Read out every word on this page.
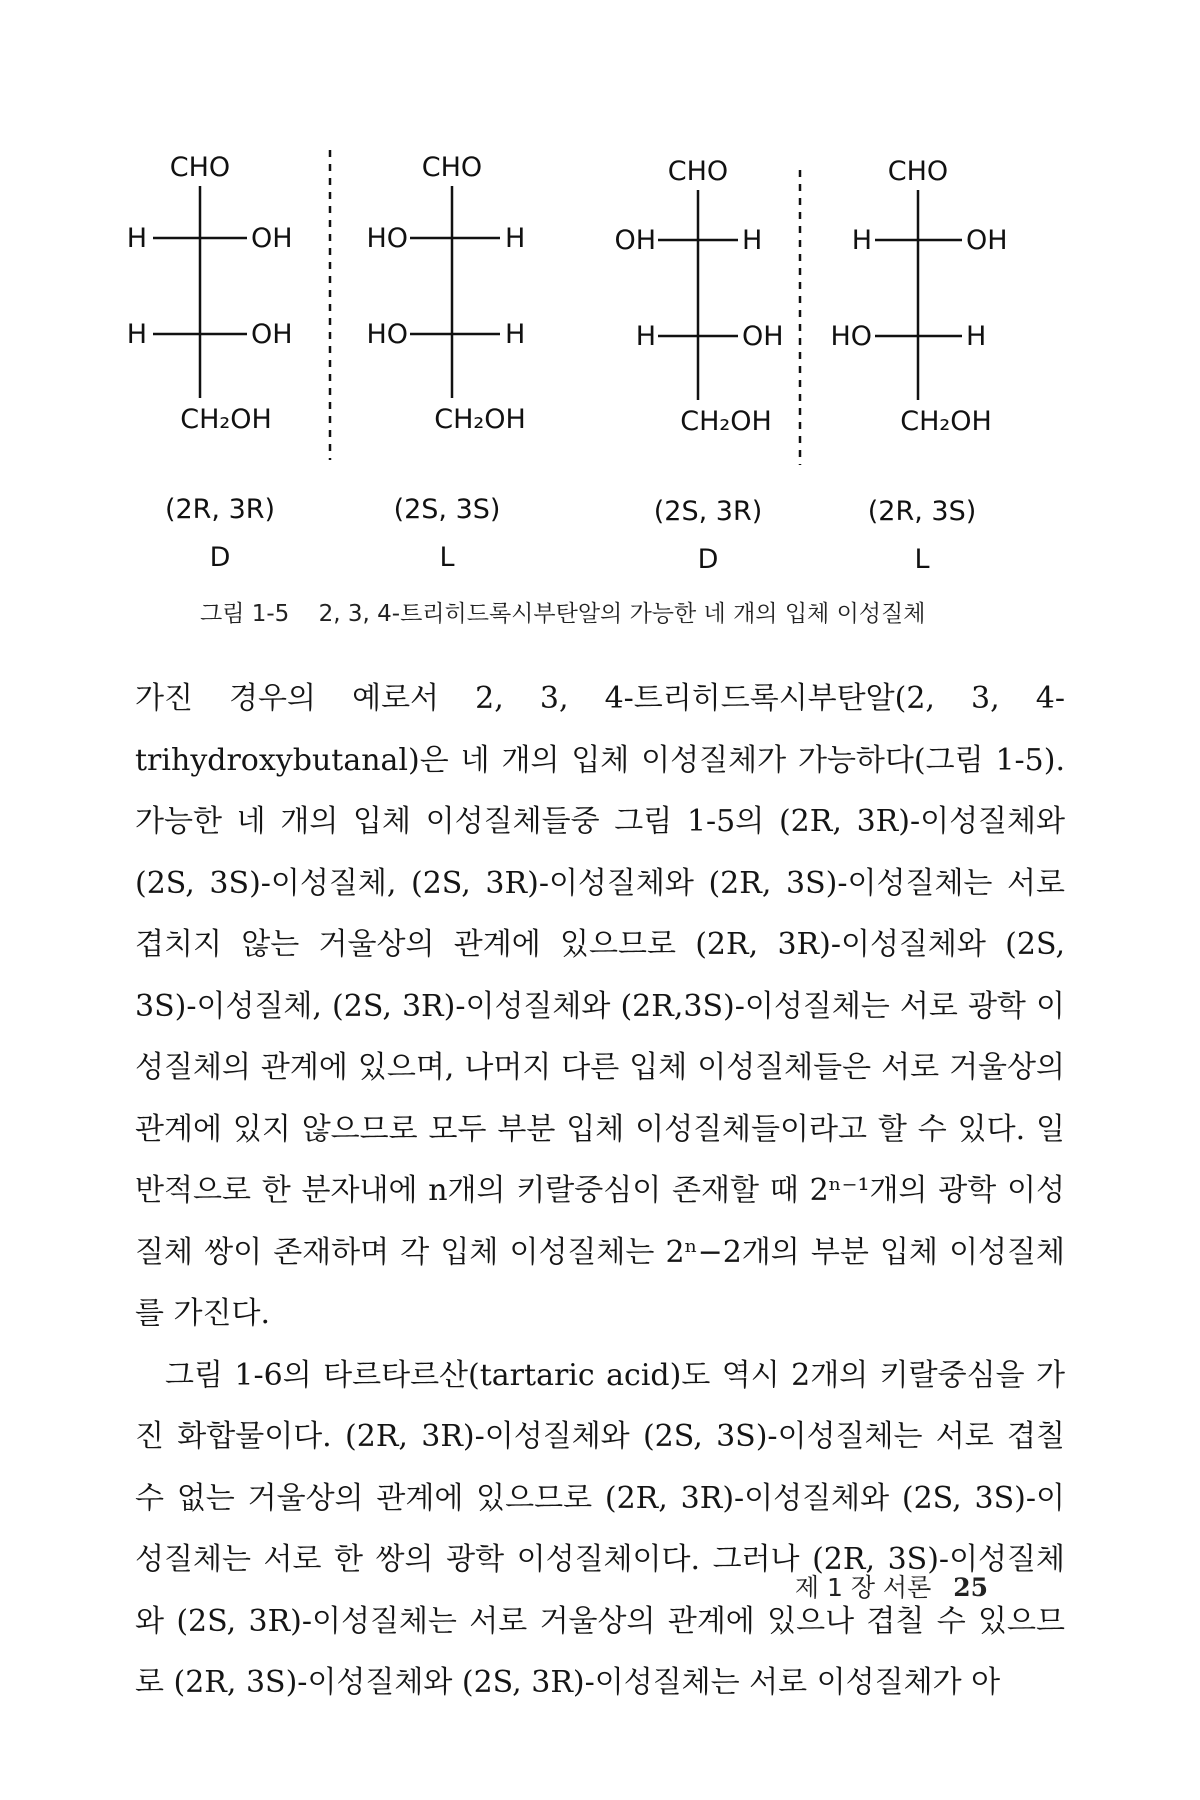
CHO
H	OH
H	OH
CH₂OH
(2R, 3R)
D
CHO
HO	H
HO	H
CH₂OH
(2S, 3S)
L
CHO
OH	H
H	OH
CH₂OH
(2S, 3R)
D
CHO
H	OH
HO	H
CH₂OH
(2R, 3S)
L
그림 1-5 2, 3, 4-트리히드록시부탄알의 가능한 네 개의 입체 이성질체

가진 경우의 예로서 2, 3, 4-트리히드록시부탄알(2, 3, 4-trihydroxybutanal)은 네 개의 입체 이성질체가 가능하다(그림 1-5). 가능한 네 개의 입체 이성질체들중 그림 1-5의 (2R, 3R)-이성질체와 (2S, 3S)-이성질체, (2S, 3R)-이성질체와 (2R, 3S)-이성질체는 서로 겹치지 않는 거울상의 관계에 있으므로 (2R, 3R)-이성질체와 (2S, 3S)-이성질체, (2S, 3R)-이성질체와 (2R,3S)-이성질체는 서로 광학 이성질체의 관계에 있으며, 나머지 다른 입체 이성질체들은 서로 거울상의 관계에 있지 않으므로 모두 부분 입체 이성질체들이라고 할 수 있다. 일반적으로 한 분자내에 n개의 키랄중심이 존재할 때 2ⁿ⁻¹개의 광학 이성질체 쌍이 존재하며 각 입체 이성질체는 2ⁿ−2개의 부분 입체 이성질체를 가진다.

그림 1-6의 타르타르산(tartaric acid)도 역시 2개의 키랄중심을 가진 화합물이다. (2R, 3R)-이성질체와 (2S, 3S)-이성질체는 서로 겹칠 수 없는 거울상의 관계에 있으므로 (2R, 3R)-이성질체와 (2S, 3S)-이성질체는 서로 한 쌍의 광학 이성질체이다. 그러나 (2R, 3S)-이성질체와 (2S, 3R)-이성질체는 서로 거울상의 관계에 있으나 겹칠 수 있으므로 (2R, 3S)-이성질체와 (2S, 3R)-이성질체는 서로 이성질체가 아

제 1 장 서론 25
